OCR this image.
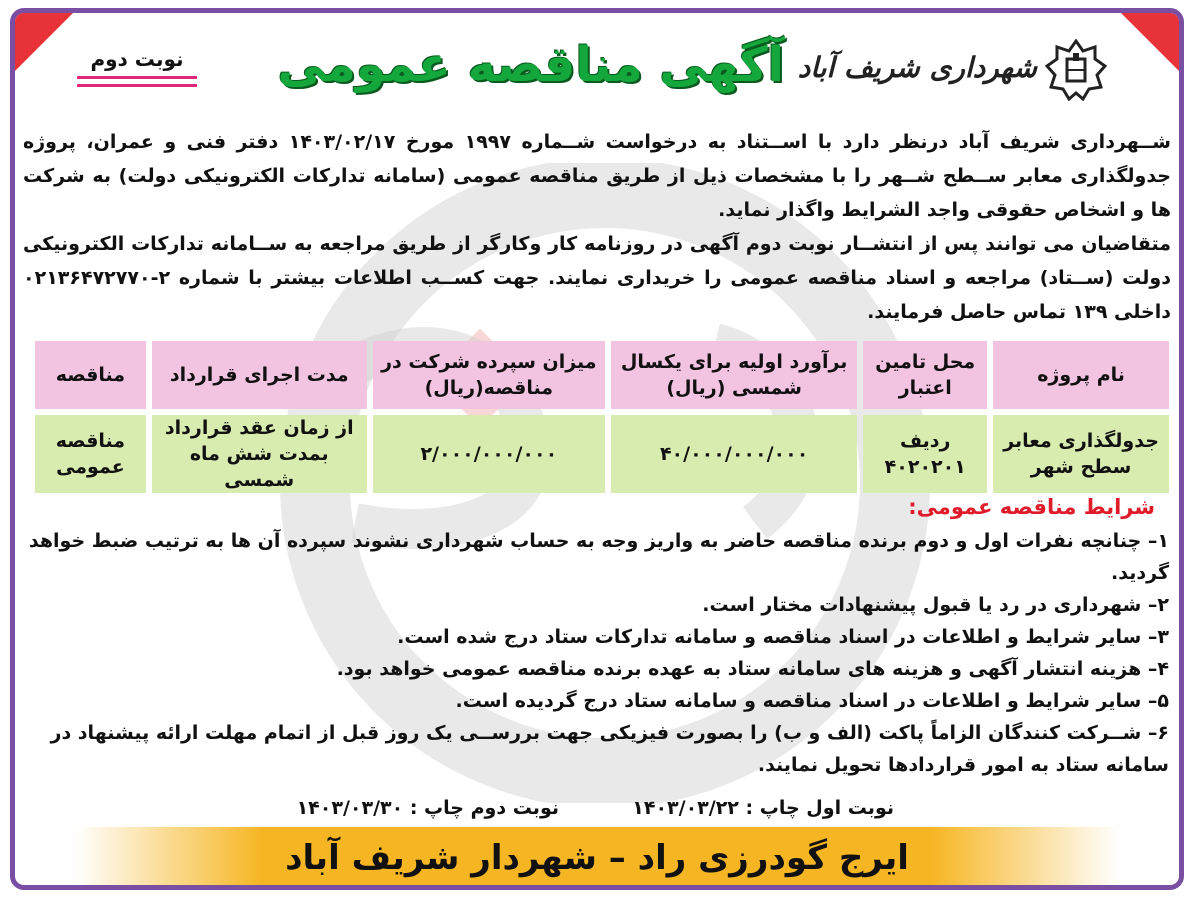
شهرداری شریف آباد
آگهی مناقصه عمومی
نوبت دوم

شــهرداری شریف آباد درنظر دارد با اســتناد به درخواست شــماره ۱۹۹۷ مورخ ۱۴۰۳/۰۲/۱۷ دفتر فنی و عمران، پروژه جدولگذاری معابر ســطح شــهر را با مشخصات ذیل از طریق مناقصه عمومی (سامانه تدارکات الکترونیکی دولت) به شرکت ها و اشخاص حقوقی واجد الشرایط واگذار نماید.

متقاضیان می توانند پس از انتشــار نوبت دوم آگهی در روزنامه کار وکارگر از طریق مراجعه به ســامانه تدارکات الکترونیکی دولت (ســتاد) مراجعه و اسناد مناقصه عمومی را خریداری نمایند. جهت کســب اطلاعات بیشتر با شماره ۲-۰۲۱۳۶۴۷۲۷۷۰ داخلی ۱۳۹ تماس حاصل فرمایند.

نام پروژه	محل تامین اعتبار	برآورد اولیه برای یکسال شمسی (ریال)	میزان سپرده شرکت در مناقصه(ریال)	مدت اجرای قرارداد	مناقصه
جدولگذاری معابر سطح شهر	ردیف ۴۰۲۰۲۰۱	۴۰/۰۰۰/۰۰۰/۰۰۰	۲/۰۰۰/۰۰۰/۰۰۰	از زمان عقد قرارداد بمدت شش ماه شمسی	مناقصه عمومی
شرایط مناقصه عمومی:
۱– چنانچه نفرات اول و دوم برنده مناقصه حاضر به واریز وجه به حساب شهرداری نشوند سپرده آن ها به ترتیب ضبط خواهد گردید.
۲– شهرداری در رد یا قبول پیشنهادات مختار است.
۳– سایر شرایط و اطلاعات در اسناد مناقصه و سامانه تدارکات ستاد درج شده است.
۴– هزینه انتشار آگهی و هزینه های سامانه ستاد به عهده برنده مناقصه عمومی خواهد بود.
۵– سایر شرایط و اطلاعات در اسناد مناقصه و سامانه ستاد درج گردیده است.
۶– شــرکت کنندگان الزاماً پاکت (الف و ب) را بصورت فیزیکی جهت بررســی یک روز قبل از اتمام مهلت ارائه پیشنهاد در سامانه ستاد به امور قراردادها تحویل نمایند.
نوبت اول چاپ : ۱۴۰۳/۰۳/۲۲  نوبت دوم چاپ : ۱۴۰۳/۰۳/۳۰
ایرج گودرزی راد – شهردار شریف آباد
